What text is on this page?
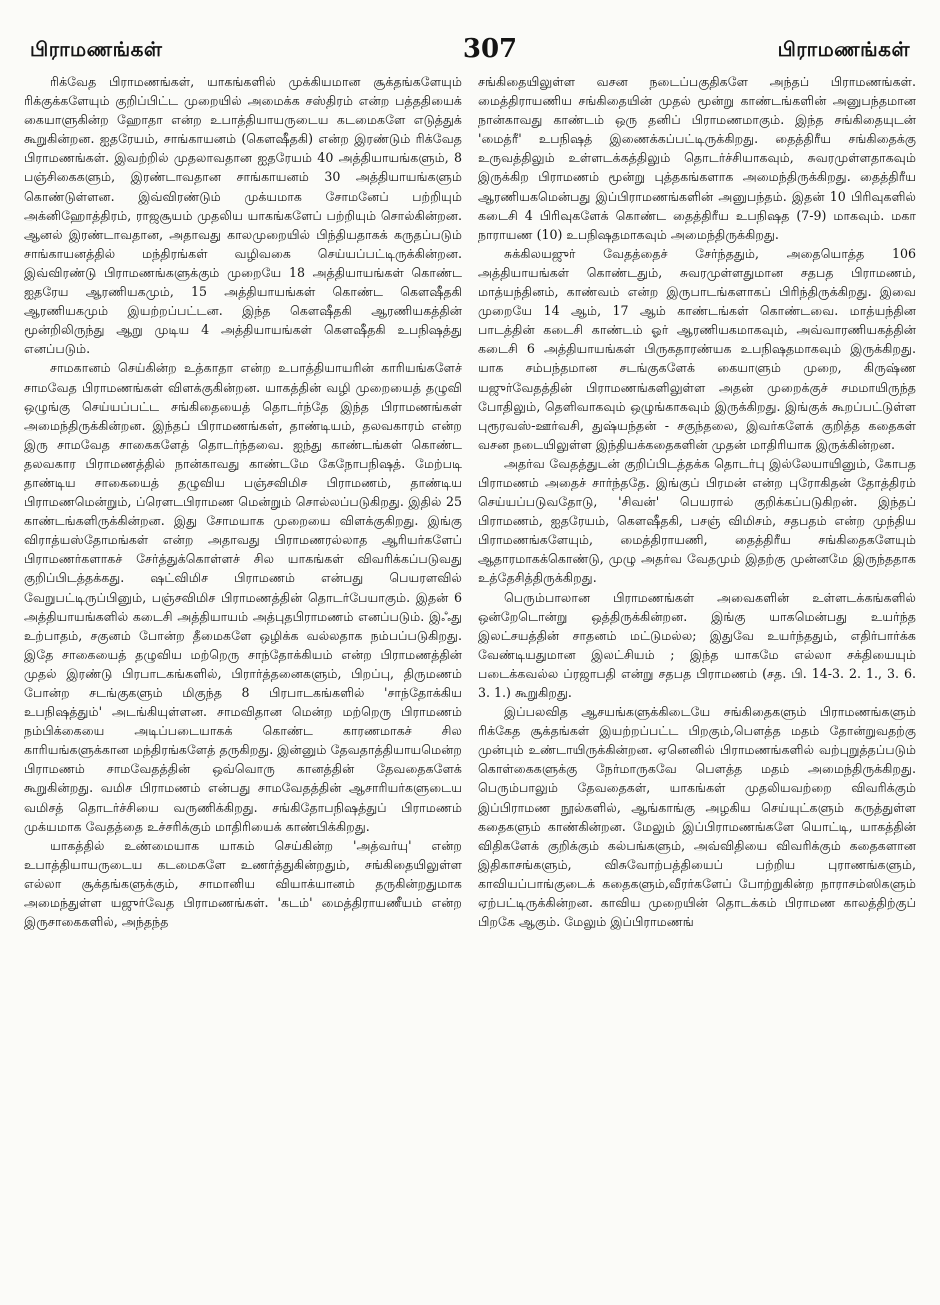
பிராமணங்கள்	307	பிராமணங்கள்

ரிக்வேத பிராமணங்கள், யாகங்களில் முக்கியமான சூக்தங்களேயும் ரிக்குக்களேயும் குறிப்பிட்ட முறையில் அமைக்க சஸ்திரம் என்ற பத்ததியைக் கையாளுகின்ற ஹோதா என்ற உபாத்தியாயருடைய கடமைகளே எடுத்துக் கூறுகின்றன. ஐதரேயம், சாங்காயனம் (கௌஷீதகி) என்ற இரண்டும் ரிக்வேத பிராமணங்கள். இவற்றில் முதலாவதான ஐதரேயம் 40 அத்தியாயங்களும், 8 பஞ்சிகைகளும், இரண்டாவதான சாங்காயனம் 30 அத்தியாயங்களும் கொண்டுள்ளன. இவ்விரண்டும் முக்யமாக சோமனேப் பற்றியும் அக்னிஹோத்திரம், ராஜசூயம் முதலிய யாகங்களேப் பற்றியும் சொல்கின்றன. ஆனல் இரண்டாவதான, அதாவது காலமுறையில் பிந்தியதாகக் கருதப்படும் சாங்காயனத்தில் மந்திரங்கள் வழிவகை செய்யப்பட்டிருக்கின்றன. இவ்விரண்டு பிராமணங்களுக்கும் முறையே 18 அத்தியாயங்கள் கொண்ட ஐதரேய ஆரணியகமும், 15 அத்தியாயங்கள் கொண்ட கௌஷீதகி ஆரணியகமும் இயற்றப்பட்டன. இந்த கௌஷீதகி ஆரணியகத்தின் மூன்றிலிருந்து ஆறு முடிய 4 அத்தியாயங்கள் கௌஷீதகி உபநிஷத்து எனப்படும்.

சாமகானம் செய்கின்ற உத்காதா என்ற உபாத்தியாயரின் காரியங்களேச் சாமவேத பிராமணங்கள் விளக்குகின்றன. யாகத்தின் வழி முறையைத் தழுவி ஒழுங்கு செய்யப்பட்ட சங்கிதையைத் தொடர்ந்தே இந்த பிராமணங்கள் அமைந்திருக்கின்றன. இந்தப் பிராமணங்கள், தாண்டியம், தலவகாரம் என்ற இரு சாமவேத சாகைகளேத் தொடர்ந்தவை. ஐந்து காண்டங்கள் கொண்ட தலவகார பிராமணத்தில் நான்காவது காண்டமே கேநோபநிஷத். மேற்படி தாண்டிய சாகையைத் தழுவிய பஞ்சவிமிச பிராமணம், தாண்டிய பிராமணமென்றும், ப்ரௌடபிராமண மென்றும் சொல்லப்படுகிறது. இதில் 25 காண்டங்களிருக்கின்றன. இது சோமயாக முறையை விளக்குகிறது. இங்கு விராத்யஸ்தோமங்கள் என்ற அதாவது பிராமணரல்லாத ஆரியர்களேப் பிராமணர்களாகச் சேர்த்துக்கொள்ளச் சில யாகங்கள் விவரிக்கப்படுவது குறிப்பிடத்தக்கது. ஷட்விமிச பிராமணம் என்பது பெயரளவில் வேறுபட்டிருப்பினும், பஞ்சவிமிச பிராமணத்தின் தொடர்பேயாகும். இதன் 6 அத்தியாயங்களில் கடைசி அத்தியாயம் அத்புதபிராமணம் எனப்படும். இஃது உற்பாதம், சகுனம் போன்ற தீமைகளே ஒழிக்க வல்லதாக நம்பப்படுகிறது. இதே சாகையைத் தழுவிய மற்றெரு சாந்தோக்கியம் என்ற பிராமணத்தின் முதல் இரண்டு பிரபாடகங்களில், பிரார்த்தனைகளும், பிறப்பு, திருமணம் போன்ற சடங்குகளும் மிகுந்த 8 பிரபாடகங்களில் 'சாந்தோக்கிய உபநிஷத்தும்' அடங்கியுள்ளன. சாமவிதான மென்ற மற்றெரு பிராமணம் நம்பிக்கையை அடிப்படையாகக் கொண்ட காரணமாகச் சில காரியங்களுக்கான மந்திரங்களேத் தருகிறது. இன்னும் தேவதாத்தியாயமென்ற பிராமணம் சாமவேதத்தின் ஒவ்வொரு கானத்தின் தேவதைகளேக் கூறுகின்றது. வமிச பிராமணம் என்பது சாமவேதத்தின் ஆசாரியர்களுடைய வமிசத் தொடர்ச்சியை வருணிக்கிறது. சங்கிதோபநிஷத்துப் பிராமணம் முக்யமாக வேதத்தை உச்சரிக்கும் மாதிரியைக் காண்பிக்கிறது.

யாகத்தில் உண்மையாக யாகம் செய்கின்ற 'அத்வர்யு' என்ற உபாத்தியாயருடைய கடமைகளே உணர்த்துகின்றதும், சங்கிதையிலுள்ள எல்லா சூக்தங்களுக்கும், சாமானிய வியாக்யானம் தருகின்றதுமாக அமைந்துள்ள யஜுர்வேத பிராமணங்கள். 'கடம்' மைத்திராயணீயம் என்ற இருசாகைகளில், அந்தந்த

சங்கிதையிலுள்ள வசன நடைப்பகுதிகளே அந்தப் பிராமணங்கள். மைத்திராயணிய சங்கிதையின் முதல் மூன்று காண்டங்களின் அனுபந்தமான நான்காவது காண்டம் ஒரு தனிப் பிராமணமாகும். இந்த சங்கிதையுடன் 'மைத்ரீ' உபநிஷத் இணைக்கப்பட்டிருக்கிறது. தைத்திரீய சங்கிதைக்கு உருவத்திலும் உள்ளடக்கத்திலும் தொடர்ச்சியாகவும், சுவரமுள்ளதாகவும் இருக்கிற பிராமணம் மூன்று புத்தகங்களாக அமைந்திருக்கிறது. தைத்திரீய ஆரணியகமென்பது இப்பிராமணங்களின் அனுபந்தம். இதன் 10 பிரிவுகளில் கடைசி 4 பிரிவுகளேக் கொண்ட தைத்திரீய உபநிஷத (7-9) மாகவும். மகா நாராயண (10) உபநிஷதமாகவும் அமைந்திருக்கிறது.

சுக்கிலயஜுர் வேதத்தைச் சேர்ந்ததும், அதையொத்த 106 அத்தியாயங்கள் கொண்டதும், சுவரமுள்ளதுமான சதபத பிராமணம், மாத்யந்தினம், காண்வம் என்ற இருபாடங்களாகப் பிரிந்திருக்கிறது. இவை முறையே 14 ஆம், 17 ஆம் காண்டங்கள் கொண்டவை. மாத்யந்தின பாடத்தின் கடைசி காண்டம் ஓர் ஆரணியகமாகவும், அவ்வாரணியகத்தின் கடைசி 6 அத்தியாயங்கள் பிருகதாரண்யக உபநிஷதமாகவும் இருக்கிறது. யாக சம்பந்தமான சடங்குகளேக் கையாளும் முறை, கிருஷ்ண யஜுர்வேதத்தின் பிராமணங்களிலுள்ள அதன் முறைக்குச் சமமாயிருந்த போதிலும், தெளிவாகவும் ஒழுங்காகவும் இருக்கிறது. இங்குக் கூறப்பட்டுள்ள புரூரவஸ்-ஊர்வசி, துஷ்யந்தன் - சகுந்தலை, இவர்களேக் குறித்த கதைகள் வசன நடையிலுள்ள இந்தியக்கதைகளின் முதன் மாதிரியாக இருக்கின்றன.

அதர்வ வேதத்துடன் குறிப்பிடத்தக்க தொடர்பு இல்லேயாயினும், கோபத பிராமணம் அதைச் சார்ந்ததே. இங்குப் பிரமன் என்ற புரோகிதன் தோத்திரம் செய்யப்படுவதோடு, 'சிவன்' பெயரால் குறிக்கப்படுகிறன். இந்தப் பிராமணம், ஐதரேயம், கௌஷீதகி, பசஞ் விமிசம், சதபதம் என்ற முந்திய பிராமணங்களேயும், மைத்திராயணி, தைத்திரீய சங்கிதைகளேயும் ஆதாரமாகக்கொண்டு, முழு அதர்வ வேதமும் இதற்கு முன்னமே இருந்ததாக உத்தேசித்திருக்கிறது.

பெரும்பாலான பிராமணங்கள் அவைகளின் உள்ளடக்கங்களில் ஒன்றேடொன்று ஒத்திருக்கின்றன. இங்கு யாகமென்பது உயர்ந்த இலட்சயத்தின் சாதனம் மட்டுமல்ல; இதுவே உயர்ந்ததும், எதிர்பார்க்க வேண்டியதுமான இலட்சியம் ; இந்த யாகமே எல்லா சக்தியையும் படைக்கவல்ல ப்ரஜாபதி என்று சதபத பிராமணம் (சத. பி. 14-3. 2. 1., 3. 6. 3. 1.) கூறுகிறது.

இப்பலவித ஆசயங்களுக்கிடையே சங்கிதைகளும் பிராமணங்களும் ரிக்கேத சூக்தங்கள் இயற்றப்பட்ட பிறகும்,பௌத்த மதம் தோன்றுவதற்கு முன்பும் உண்டாயிருக்கின்றன. ஏனெனில் பிராமணங்களில் வற்புறுத்தப்படும் கொள்கைகளுக்கு நேர்மாருகவே பௌத்த மதம் அமைந்திருக்கிறது. பெரும்பாலும் தேவதைகள், யாகங்கள் முதலியவற்றை விவரிக்கும் இப்பிராமண நூல்களில், ஆங்காங்கு அழகிய செய்யுட்களும் கருத்துள்ள கதைகளும் காண்கின்றன. மேலும் இப்பிராமணங்களே யொட்டி, யாகத்தின் விதிகளேக் குறிக்கும் கல்பங்களும், அவ்விதியை விவரிக்கும் கதைகளான இதிகாசங்களும், விசுவோற்பத்தியைப் பற்றிய புராணங்களும், காவியப்பாங்குடைக் கதைகளும்,வீரர்களேப் போற்றுகின்ற நாராசம்ஸிகளும் ஏற்பட்டிருக்கின்றன. காவிய முறையின் தொடக்கம் பிராமண காலத்திற்குப் பிறகே ஆகும். மேலும் இப்பிராமணங்
